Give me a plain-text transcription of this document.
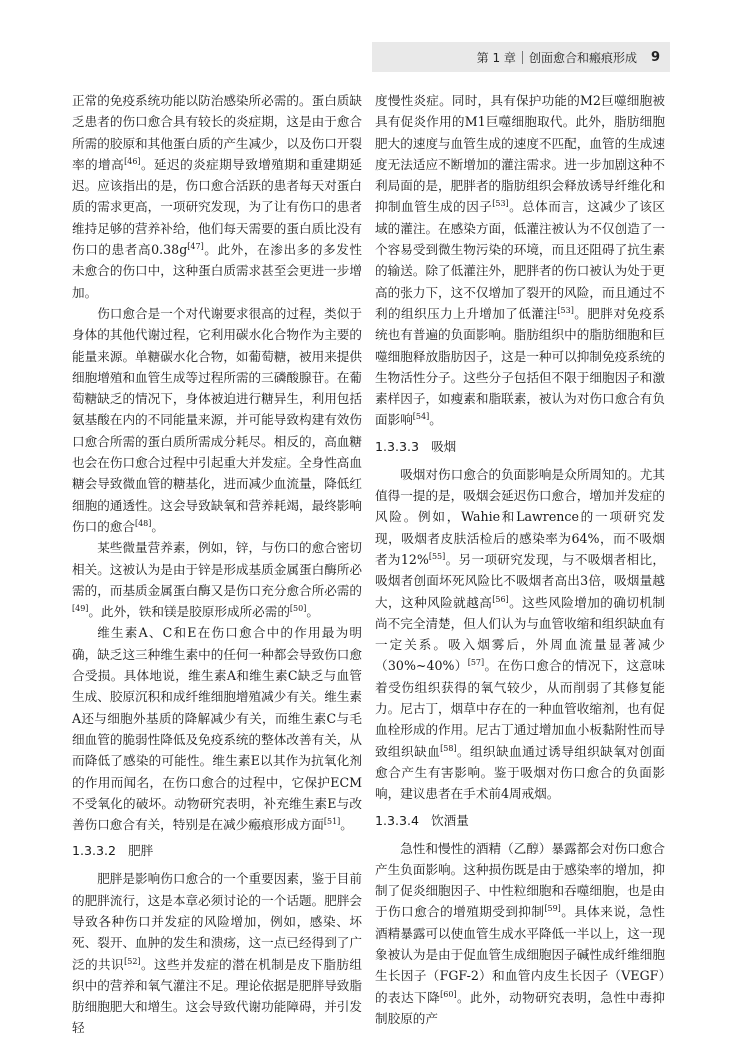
第 1 章 创面愈合和瘢痕形成 9

正常的免疫系统功能以防治感染所必需的。蛋白质缺乏患者的伤口愈合具有较长的炎症期，这是由于愈合所需的胶原和其他蛋白质的产生减少，以及伤口开裂率的增高[46]。延迟的炎症期导致增殖期和重建期延迟。应该指出的是，伤口愈合活跃的患者每天对蛋白质的需求更高，一项研究发现，为了让有伤口的患者维持足够的营养补给，他们每天需要的蛋白质比没有伤口的患者高0.38g[47]。此外，在渗出多的多发性未愈合的伤口中，这种蛋白质需求甚至会更进一步增加。

伤口愈合是一个对代谢要求很高的过程，类似于身体的其他代谢过程，它利用碳水化合物作为主要的能量来源。单糖碳水化合物，如葡萄糖，被用来提供细胞增殖和血管生成等过程所需的三磷酸腺苷。在葡萄糖缺乏的情况下，身体被迫进行糖异生，利用包括氨基酸在内的不同能量来源，并可能导致构建有效伤口愈合所需的蛋白质所需成分耗尽。相反的，高血糖也会在伤口愈合过程中引起重大并发症。全身性高血糖会导致微血管的糖基化，进而减少血流量，降低红细胞的通透性。这会导致缺氧和营养耗竭，最终影响伤口的愈合[48]。

某些微量营养素，例如，锌，与伤口的愈合密切相关。这被认为是由于锌是形成基质金属蛋白酶所必需的，而基质金属蛋白酶又是伤口充分愈合所必需的[49]。此外，铁和镁是胶原形成所必需的[50]。

维生素A、C和E在伤口愈合中的作用最为明确，缺乏这三种维生素中的任何一种都会导致伤口愈合受损。具体地说，维生素A和维生素C缺乏与血管生成、胶原沉积和成纤维细胞增殖减少有关。维生素A还与细胞外基质的降解减少有关，而维生素C与毛细血管的脆弱性降低及免疫系统的整体改善有关，从而降低了感染的可能性。维生素E以其作为抗氧化剂的作用而闻名，在伤口愈合的过程中，它保护ECM不受氧化的破坏。动物研究表明，补充维生素E与改善伤口愈合有关，特别是在减少瘢痕形成方面[51]。

1.3.3.2 肥胖

肥胖是影响伤口愈合的一个重要因素，鉴于目前的肥胖流行，这是本章必须讨论的一个话题。肥胖会导致各种伤口并发症的风险增加，例如，感染、坏死、裂开、血肿的发生和溃疡，这一点已经得到了广泛的共识[52]。这些并发症的潜在机制是皮下脂肪组织中的营养和氧气灌注不足。理论依据是肥胖导致脂肪细胞肥大和增生。这会导致代谢功能障碍，并引发轻

度慢性炎症。同时，具有保护功能的M2巨噬细胞被具有促炎作用的M1巨噬细胞取代。此外，脂肪细胞肥大的速度与血管生成的速度不匹配，血管的生成速度无法适应不断增加的灌注需求。进一步加剧这种不利局面的是，肥胖者的脂肪组织会释放诱导纤维化和抑制血管生成的因子[53]。总体而言，这减少了该区域的灌注。在感染方面，低灌注被认为不仅创造了一个容易受到微生物污染的环境，而且还阻碍了抗生素的输送。除了低灌注外，肥胖者的伤口被认为处于更高的张力下，这不仅增加了裂开的风险，而且通过不利的组织压力上升增加了低灌注[53]。肥胖对免疫系统也有普遍的负面影响。脂肪组织中的脂肪细胞和巨噬细胞释放脂肪因子，这是一种可以抑制免疫系统的生物活性分子。这些分子包括但不限于细胞因子和激素样因子，如瘦素和脂联素，被认为对伤口愈合有负面影响[54]。

1.3.3.3 吸烟

吸烟对伤口愈合的负面影响是众所周知的。尤其值得一提的是，吸烟会延迟伤口愈合，增加并发症的风险。例如，Wahie和Lawrence的一项研究发现，吸烟者皮肤活检后的感染率为64%，而不吸烟者为12%[55]。另一项研究发现，与不吸烟者相比，吸烟者创面坏死风险比不吸烟者高出3倍，吸烟量越大，这种风险就越高[56]。这些风险增加的确切机制尚不完全清楚，但人们认为与血管收缩和组织缺血有一定关系。吸入烟雾后，外周血流量显著减少（30%~40%）[57]。在伤口愈合的情况下，这意味着受伤组织获得的氧气较少，从而削弱了其修复能力。尼古丁，烟草中存在的一种血管收缩剂，也有促血栓形成的作用。尼古丁通过增加血小板黏附性而导致组织缺血[58]。组织缺血通过诱导组织缺氧对创面愈合产生有害影响。鉴于吸烟对伤口愈合的负面影响，建议患者在手术前4周戒烟。

1.3.3.4 饮酒量

急性和慢性的酒精（乙醇）暴露都会对伤口愈合产生负面影响。这种损伤既是由于感染率的增加，抑制了促炎细胞因子、中性粒细胞和吞噬细胞，也是由于伤口愈合的增殖期受到抑制[59]。具体来说，急性酒精暴露可以使血管生成水平降低一半以上，这一现象被认为是由于促血管生成细胞因子碱性成纤维细胞生长因子（FGF-2）和血管内皮生长因子（VEGF）的表达下降[60]。此外，动物研究表明，急性中毒抑制胶原的产
